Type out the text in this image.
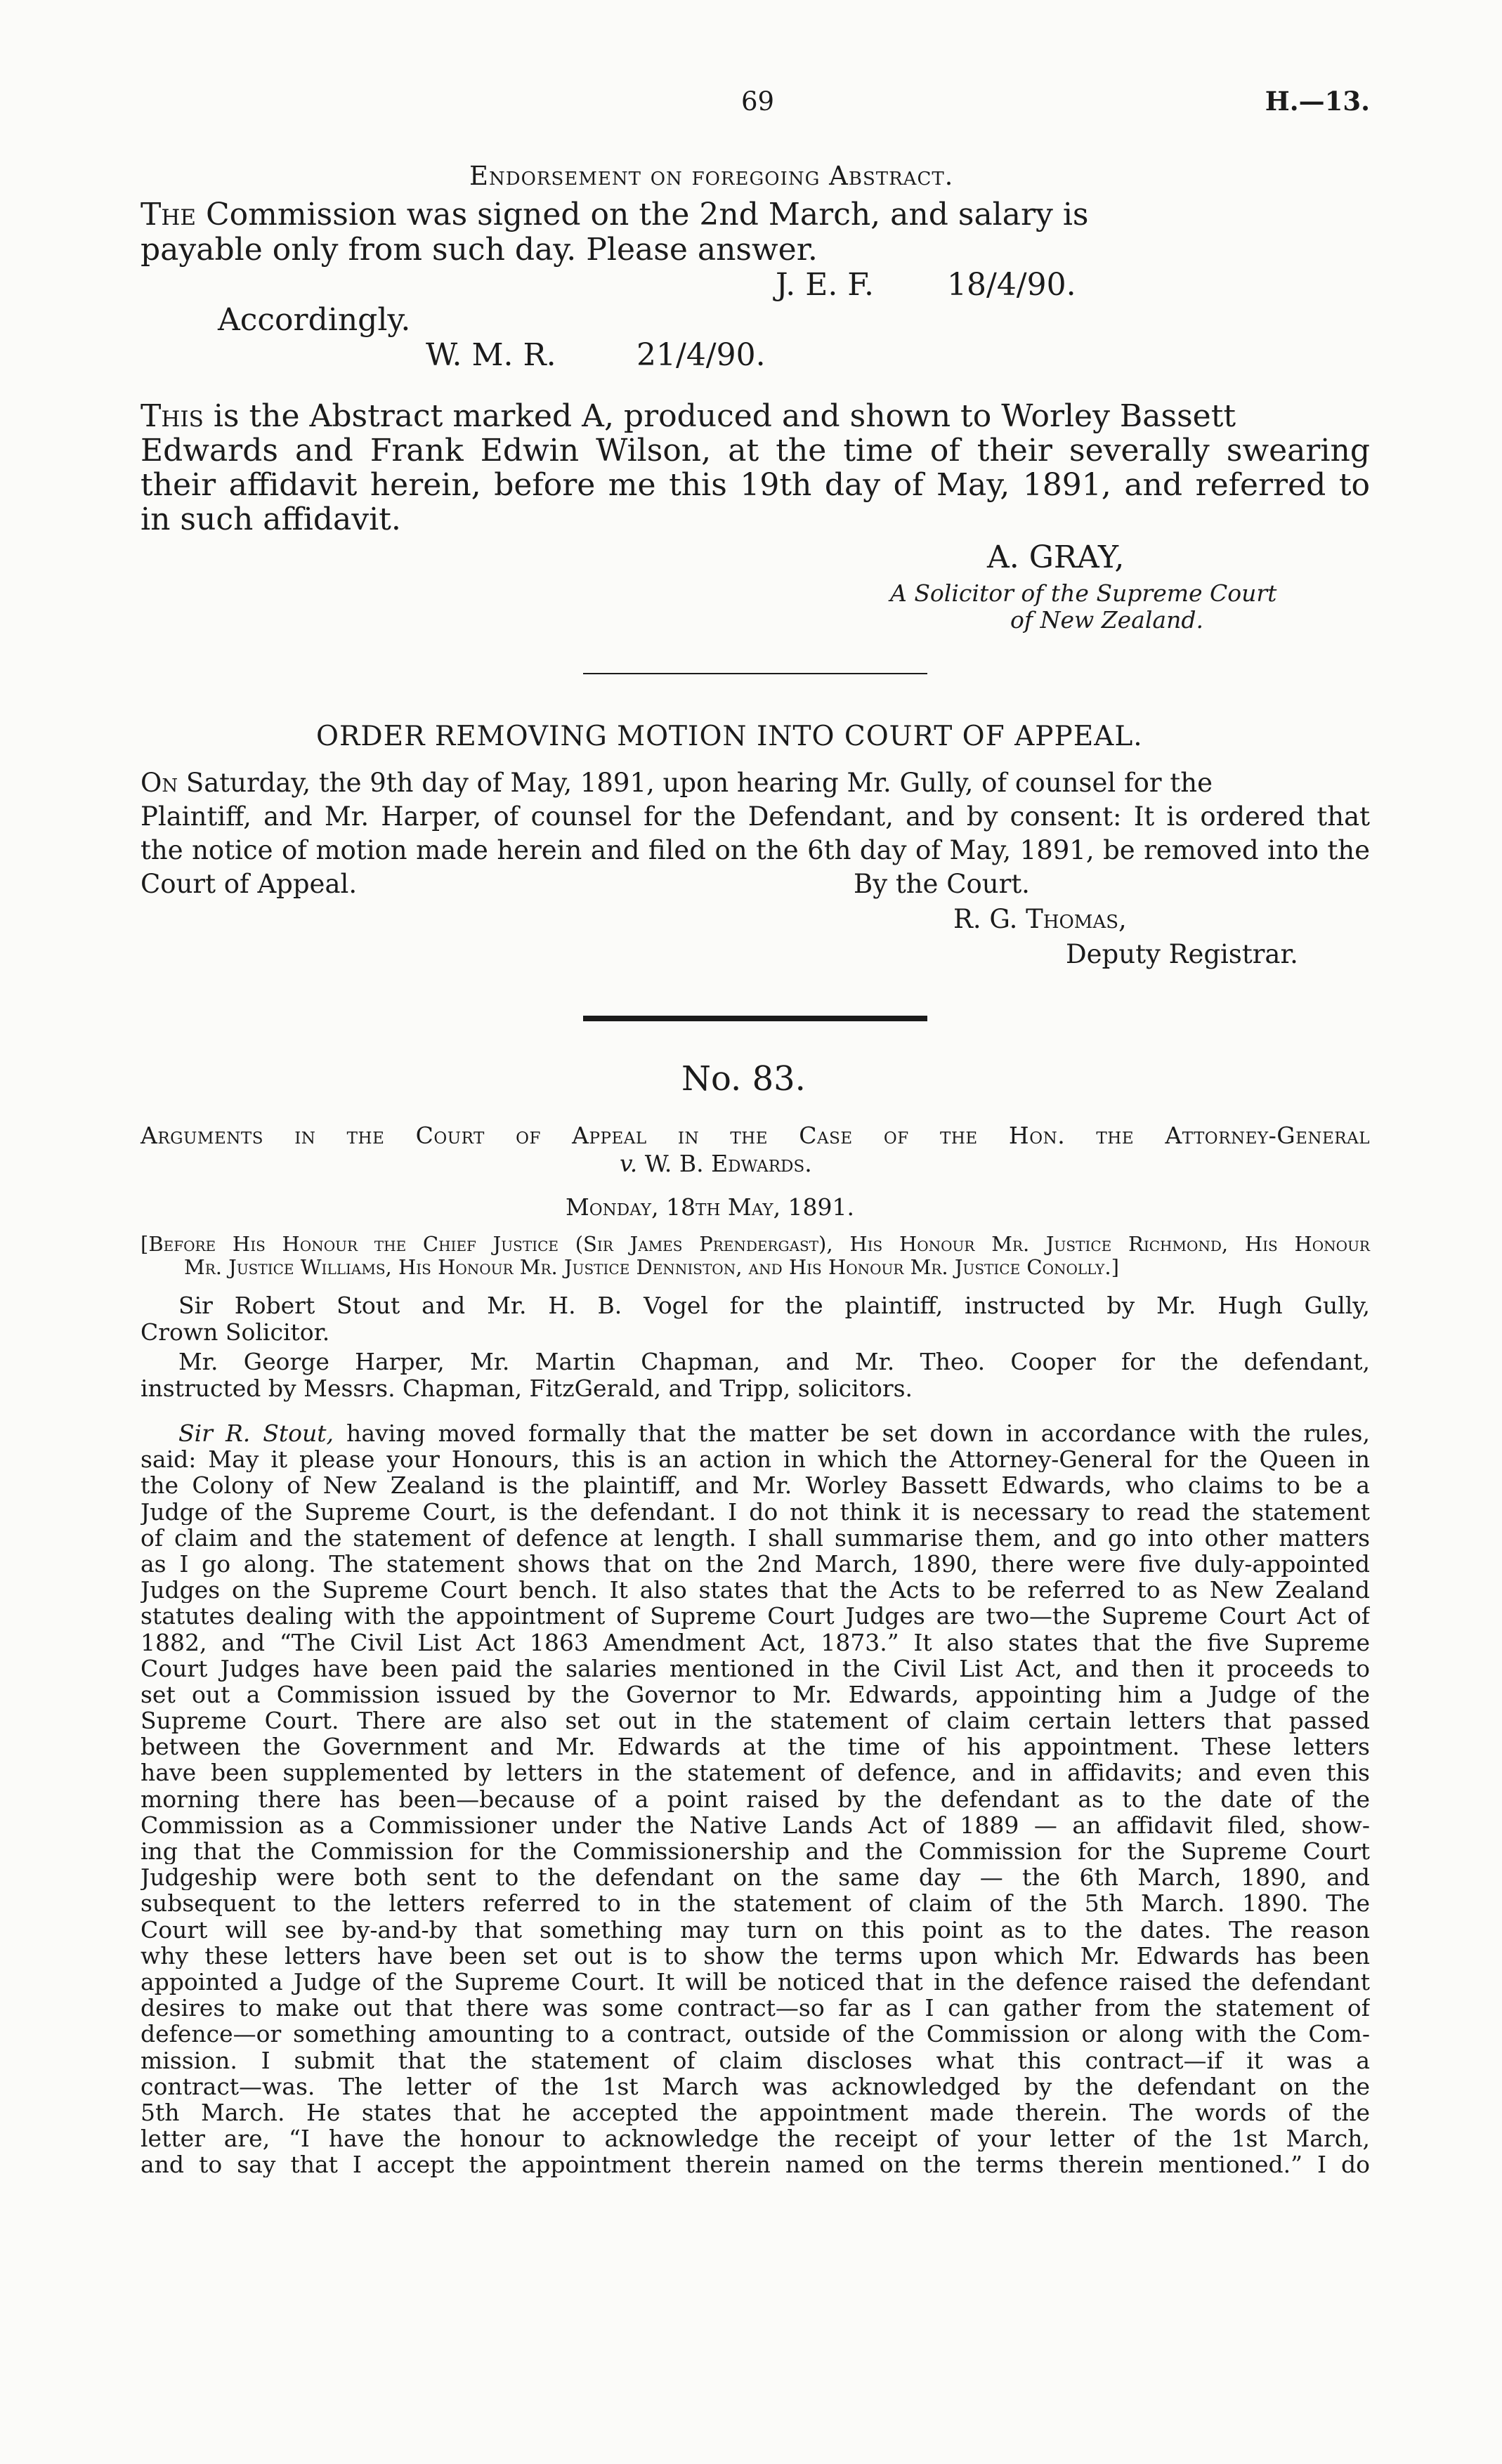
69	H.—13.
Endorsement on foregoing Abstract.
The Commission was signed on the 2nd March, and salary is
payable only from such day. Please answer.
J. E. F. 18/4/90.
Accordingly.
W. M. R.	21/4/90.
This is the Abstract marked A, produced and shown to Worley Bassett
Edwards and Frank Edwin Wilson, at the time of their severally swearing
their affidavit herein, before me this 19th day of May, 1891, and referred to
in such affidavit.
A. GRAY,
A Solicitor of the Supreme Court
of New Zealand.
ORDER REMOVING MOTION INTO COURT OF APPEAL.
On Saturday, the 9th day of May, 1891, upon hearing Mr. Gully, of counsel for the
Plaintiff, and Mr. Harper, of counsel for the Defendant, and by consent: It is ordered that
the notice of motion made herein and filed on the 6th day of May, 1891, be removed into the
Court of Appeal.	By the Court.
R. G. Thomas,
Deputy Registrar.
No. 83.
Arguments in the Court of Appeal in the Case of the Hon. the Attorney-General
v. W. B. Edwards.
Monday, 18th May, 1891.
[Before His Honour the Chief Justice (Sir James Prendergast), His Honour Mr. Justice Richmond, His Honour
Mr. Justice Williams, His Honour Mr. Justice Denniston, and His Honour Mr. Justice Conolly.]
Sir Robert Stout and Mr. H. B. Vogel for the plaintiff, instructed by Mr. Hugh Gully,
Crown Solicitor.
Mr. George Harper, Mr. Martin Chapman, and Mr. Theo. Cooper for the defendant,
instructed by Messrs. Chapman, FitzGerald, and Tripp, solicitors.
Sir R. Stout, having moved formally that the matter be set down in accordance with the rules,
said: May it please your Honours, this is an action in which the Attorney-General for the Queen in
the Colony of New Zealand is the plaintiff, and Mr. Worley Bassett Edwards, who claims to be a
Judge of the Supreme Court, is the defendant. I do not think it is necessary to read the statement
of claim and the statement of defence at length. I shall summarise them, and go into other matters
as I go along. The statement shows that on the 2nd March, 1890, there were five duly-appointed
Judges on the Supreme Court bench. It also states that the Acts to be referred to as New Zealand
statutes dealing with the appointment of Supreme Court Judges are two—the Supreme Court Act of
1882, and “The Civil List Act 1863 Amendment Act, 1873.” It also states that the five Supreme
Court Judges have been paid the salaries mentioned in the Civil List Act, and then it proceeds to
set out a Commission issued by the Governor to Mr. Edwards, appointing him a Judge of the
Supreme Court. There are also set out in the statement of claim certain letters that passed
between the Government and Mr. Edwards at the time of his appointment. These letters
have been supplemented by letters in the statement of defence, and in affidavits; and even this
morning there has been—because of a point raised by the defendant as to the date of the
Commission as a Commissioner under the Native Lands Act of 1889 — an affidavit filed, show-
ing that the Commission for the Commissionership and the Commission for the Supreme Court
Judgeship were both sent to the defendant on the same day — the 6th March, 1890, and
subsequent to the letters referred to in the statement of claim of the 5th March. 1890. The
Court will see by-and-by that something may turn on this point as to the dates. The reason
why these letters have been set out is to show the terms upon which Mr. Edwards has been
appointed a Judge of the Supreme Court. It will be noticed that in the defence raised the defendant
desires to make out that there was some contract—so far as I can gather from the statement of
defence—or something amounting to a contract, outside of the Commission or along with the Com-
mission. I submit that the statement of claim discloses what this contract—if it was a
contract—was. The letter of the 1st March was acknowledged by the defendant on the
5th March. He states that he accepted the appointment made therein. The words of the
letter are, “I have the honour to acknowledge the receipt of your letter of the 1st March,
and to say that I accept the appointment therein named on the terms therein mentioned.” I do
